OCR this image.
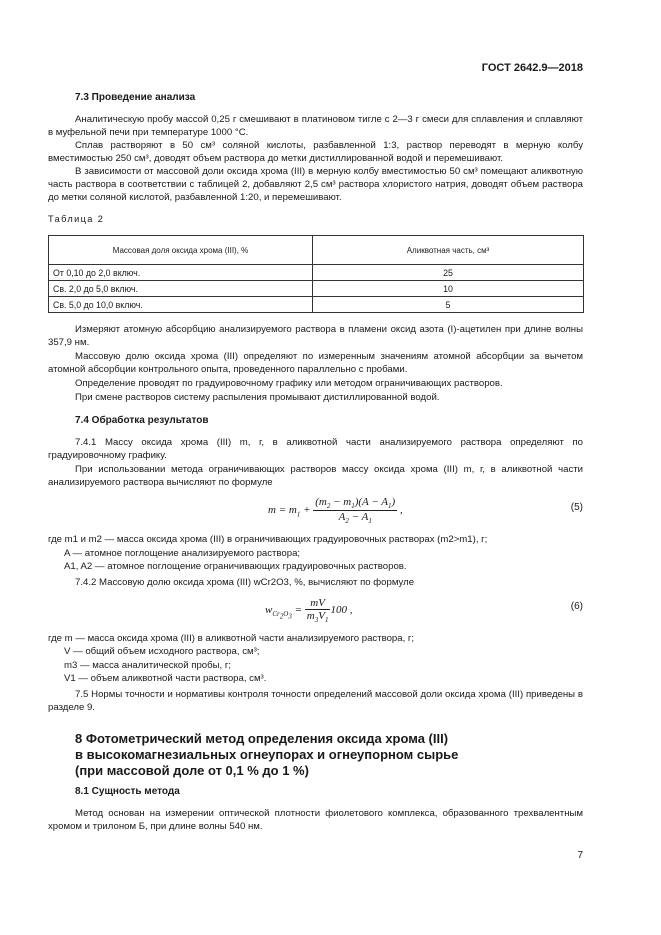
ГОСТ 2642.9—2018
7.3 Проведение анализа
Аналитическую пробу массой 0,25 г смешивают в платиновом тигле с 2—3 г смеси для сплавления и сплавляют в муфельной печи при температуре 1000 °С.
Сплав растворяют в 50 см³ соляной кислоты, разбавленной 1:3, раствор переводят в мерную колбу вместимостью 250 см³, доводят объем раствора до метки дистиллированной водой и перемешивают.
В зависимости от массовой доли оксида хрома (III) в мерную колбу вместимостью 50 см³ помещают аликвотную часть раствора в соответствии с таблицей 2, добавляют 2,5 см³ раствора хлористого натрия, доводят объем раствора до метки соляной кислотой, разбавленной 1:20, и перемешивают.
Таблица 2
Массовая доля оксида хрома (III), %	Аликвотная часть, см³
От 0,10 до 2,0 включ.	25
Св. 2,0 до 5,0 включ.	10
Св. 5,0 до 10,0 включ.	5
Измеряют атомную абсорбцию анализируемого раствора в пламени оксид азота (I)-ацетилен при длине волны 357,9 нм.
Массовую долю оксида хрома (III) определяют по измеренным значениям атомной абсорбции за вычетом атомной абсорбции контрольного опыта, проведенного параллельно с пробами.
Определение проводят по градуировочному графику или методом ограничивающих растворов.
При смене растворов систему распыления промывают дистиллированной водой.
7.4 Обработка результатов
7.4.1 Массу оксида хрома (III) m, г, в аликвотной части анализируемого раствора определяют по градуировочному графику.
При использовании метода ограничивающих растворов массу оксида хрома (III) m, г, в аликвотной части анализируемого раствора вычисляют по формуле
$m = m_1 + \frac{(m_2 - m_1)(A - A_1)}{A_2 - A_1}$ ,	(5)
где m1 и m2 — масса оксида хрома (III) в ограничивающих градуировочных растворах (m2>m1), г;
A — атомное поглощение анализируемого раствора;
A1, A2 — атомное поглощение ограничивающих градуировочных растворов.
7.4.2 Массовую долю оксида хрома (III) wCr2O3, %, вычисляют по формуле
$w_{Cr_2O_3} = \frac{mV}{m_3V_1} 100$ ,	(6)
где m — масса оксида хрома (III) в аликвотной части анализируемого раствора, г;
V — общий объем исходного раствора, см³;
m3 — масса аналитической пробы, г;
V1 — объем аликвотной части раствора, см³.
7.5 Нормы точности и нормативы контроля точности определений массовой доли оксида хрома (III) приведены в разделе 9.
8 Фотометрический метод определения оксида хрома (III)
в высокомагнезиальных огнеупорах и огнеупорном сырье
(при массовой доле от 0,1 % до 1 %)
8.1 Сущность метода
Метод основан на измерении оптической плотности фиолетового комплекса, образованного трехвалентным хромом и трилоном Б, при длине волны 540 нм.
7
